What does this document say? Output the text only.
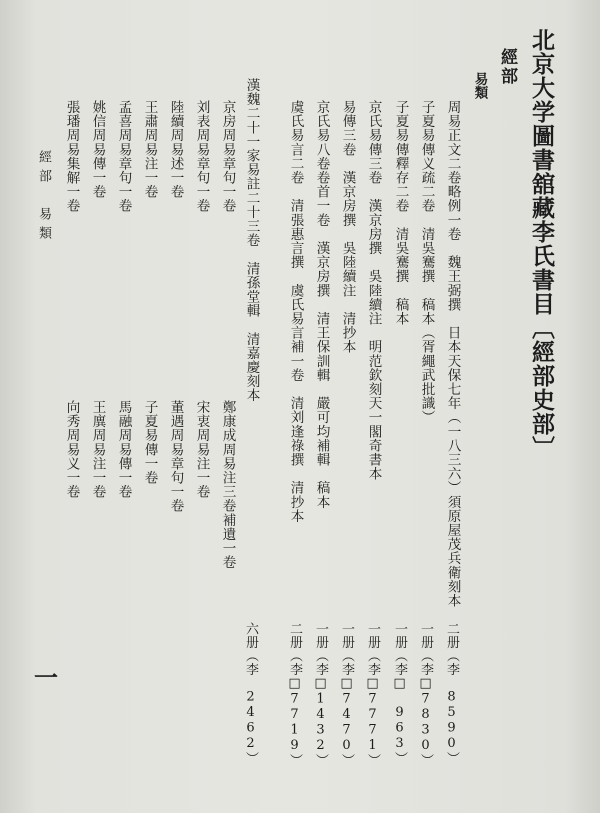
北京大学圖書舘藏李氏書目〔經部史部〕
經部
易類
周易正文二卷略例一卷　魏王弼撰　日本天保七年（一八三六）須原屋茂兵衛刻本
二册（李　8590）
子夏易傳义疏二卷　清吳騫撰　稿本（胥繩武批識）
一册（李□7830）
子夏易傳釋存二卷　清吳騫撰　稿本
一册（李□　963）
京氏易傳三卷　漢京房撰　吳陸續注　明范欽刻天一閣奇書本
一册（李□7771）
易傳三卷　漢京房撰　吳陸續注　清抄本
一册（李□7470）
京氏易八卷卷首一卷　漢京房撰　清王保訓輯　嚴可均補輯　稿本
一册（李□1432）
虞氏易言二卷　清張惠言撰　虞氏易言補一卷　清刘逢祿撰　清抄本
二册（李□7719）
漢魏二十一家易註二十三卷　清孫堂輯　清嘉慶刻本
六册（李　2462）
京房周易章句一卷
鄭康成周易注三卷補遺一卷
刘表周易章句一卷
宋衷周易注一卷
陸續周易述一卷
董遇周易章句一卷
王肅周易注一卷
子夏易傳一卷
孟喜周易章句一卷
馬融周易傳一卷
姚信周易傳一卷
王廙周易注一卷
張璠周易集解一卷
向秀周易义一卷
經部　易類
一
